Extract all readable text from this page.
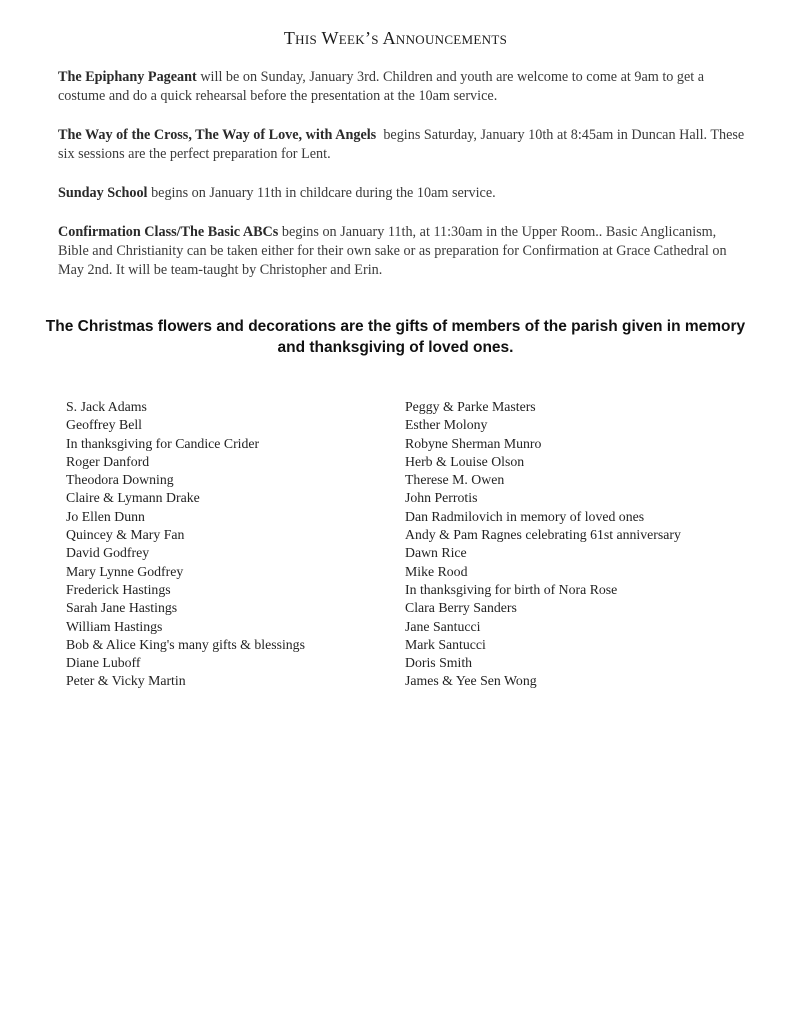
This Week’s Announcements

The Epiphany Pageant will be on Sunday, January 3rd. Children and youth are welcome to come at 9am to get a costume and do a quick rehearsal before the presentation at the 10am service.

The Way of the Cross, The Way of Love, with Angels  begins Saturday, January 10th at 8:45am in Duncan Hall. These six sessions are the perfect preparation for Lent.

Sunday School begins on January 11th in childcare during the 10am service.

Confirmation Class/The Basic ABCs begins on January 11th, at 11:30am in the Upper Room.. Basic Anglicanism, Bible and Christianity can be taken either for their own sake or as preparation for Confirmation at Grace Cathedral on May 2nd. It will be team-taught by Christopher and Erin.

The Christmas flowers and decorations are the gifts of members of the parish given in memory and thanksgiving of loved ones.
S. Jack Adams
Geoffrey Bell
In thanksgiving for Candice Crider
Roger Danford
Theodora Downing
Claire & Lymann Drake
Jo Ellen Dunn
Quincey & Mary Fan
David Godfrey
Mary Lynne Godfrey
Frederick Hastings
Sarah Jane Hastings
William Hastings
Bob & Alice King's many gifts & blessings
Diane Luboff
Peter & Vicky Martin
Peggy & Parke Masters
Esther Molony
Robyne Sherman Munro
Herb & Louise Olson
Therese M. Owen
John Perrotis
Dan Radmilovich in memory of loved ones
Andy & Pam Ragnes celebrating 61st anniversary
Dawn Rice
Mike Rood
In thanksgiving for birth of Nora Rose
Clara Berry Sanders
Jane Santucci
Mark Santucci
Doris Smith
James & Yee Sen Wong
